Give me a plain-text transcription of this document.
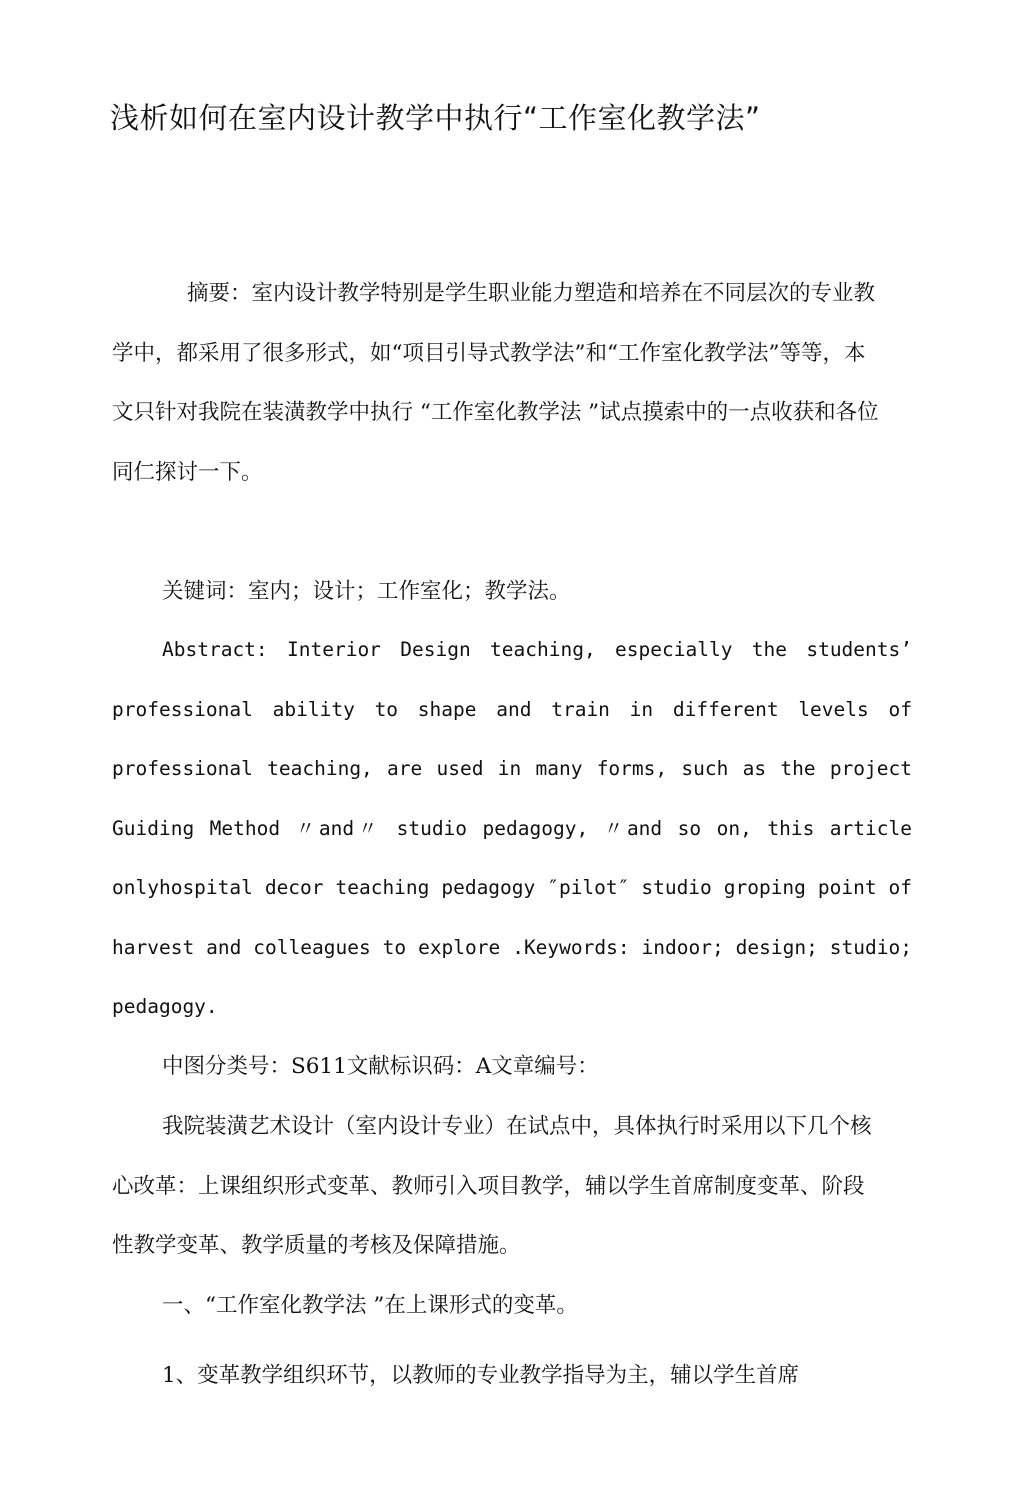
浅析如何在室内设计教学中执行“工作室化教学法”

摘要：室内设计教学特别是学生职业能力塑造和培养在不同层次的专业教学中，都采用了很多形式，如“项目引导式教学法”和“工作室化教学法”等等，本文只针对我院在装潢教学中执行 “工作室化教学法 ”试点摸索中的一点收获和各位同仁探讨一下。

关键词：室内；设计；工作室化；教学法。

Abstract: Interior Design teaching, especially the students’ professional ability to shape and train in different levels of professional teaching, are used in many forms, such as the project Guiding Method 〃and〃 studio pedagogy, 〃and so on, this article onlyhospital decor teaching pedagogy ″pilot″ studio groping point of harvest and colleagues to explore .Keywords: indoor; design; studio; pedagogy.

中图分类号：S611文献标识码：A文章编号：

我院装潢艺术设计（室内设计专业）在试点中，具体执行时采用以下几个核心改革：上课组织形式变革、教师引入项目教学，辅以学生首席制度变革、阶段性教学变革、教学质量的考核及保障措施。

一、“工作室化教学法 ”在上课形式的变革。

1、变革教学组织环节，以教师的专业教学指导为主，辅以学生首席
